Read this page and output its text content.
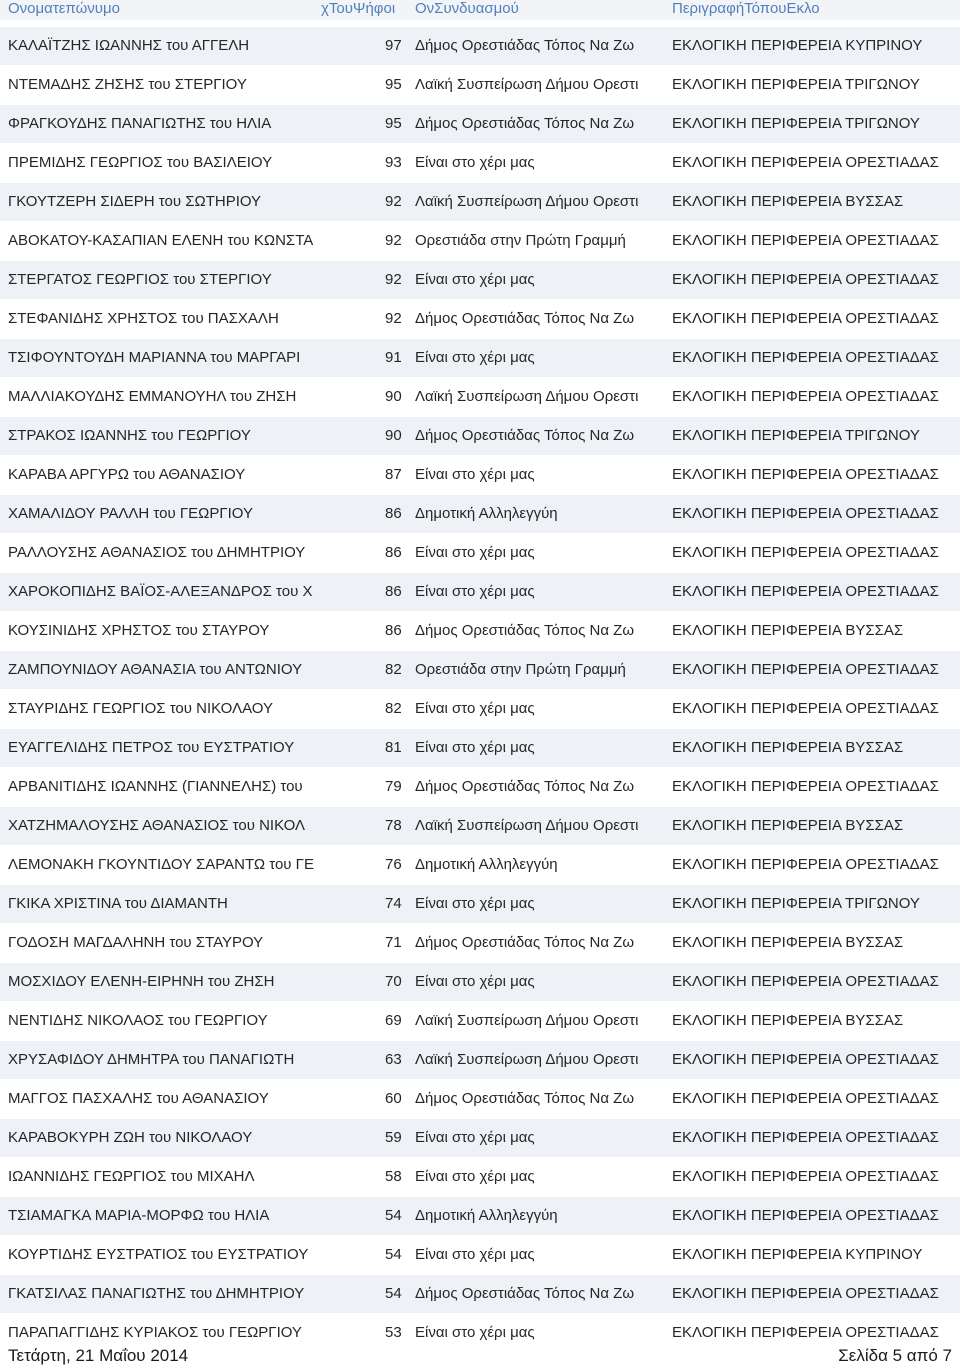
Ονοματεπώνυμο	χΤουΨήφοι ΟνΣυνδυασμού	ΠεριγραφήΤόπουΕκλο
ΚΑΛΑΪΤΖΗΣ ΙΩΑΝΝΗΣ του ΑΓΓΕΛΗ	97 Δήμος Ορεστιάδας Τόπος Να Ζω	ΕΚΛΟΓΙΚΗ ΠΕΡΙΦΕΡΕΙΑ ΚΥΠΡΙΝΟΥ
ΝΤΕΜΑΔΗΣ ΖΗΣΗΣ του ΣΤΕΡΓΙΟΥ	95 Λαϊκή Συσπείρωση Δήμου Ορεστι	ΕΚΛΟΓΙΚΗ ΠΕΡΙΦΕΡΕΙΑ ΤΡΙΓΩΝΟΥ
ΦΡΑΓΚΟΥΔΗΣ ΠΑΝΑΓΙΩΤΗΣ του ΗΛΙΑ	95 Δήμος Ορεστιάδας Τόπος Να Ζω	ΕΚΛΟΓΙΚΗ ΠΕΡΙΦΕΡΕΙΑ ΤΡΙΓΩΝΟΥ
ΠΡΕΜΙΔΗΣ ΓΕΩΡΓΙΟΣ του ΒΑΣΙΛΕΙΟΥ	93 Είναι στο χέρι μας	ΕΚΛΟΓΙΚΗ ΠΕΡΙΦΕΡΕΙΑ ΟΡΕΣΤΙΑΔΑΣ
ΓΚΟΥΤΖΕΡΗ ΣΙΔΕΡΗ του ΣΩΤΗΡΙΟΥ	92 Λαϊκή Συσπείρωση Δήμου Ορεστι	ΕΚΛΟΓΙΚΗ ΠΕΡΙΦΕΡΕΙΑ ΒΥΣΣΑΣ
ΑΒΟΚΑΤΟΥ-ΚΑΣΑΠΙΑΝ ΕΛΕΝΗ του ΚΩΝΣΤΑ	92 Ορεστιάδα στην Πρώτη Γραμμή	ΕΚΛΟΓΙΚΗ ΠΕΡΙΦΕΡΕΙΑ ΟΡΕΣΤΙΑΔΑΣ
ΣΤΕΡΓΑΤΟΣ ΓΕΩΡΓΙΟΣ του ΣΤΕΡΓΙΟΥ	92 Είναι στο χέρι μας	ΕΚΛΟΓΙΚΗ ΠΕΡΙΦΕΡΕΙΑ ΟΡΕΣΤΙΑΔΑΣ
ΣΤΕΦΑΝΙΔΗΣ ΧΡΗΣΤΟΣ του ΠΑΣΧΑΛΗ	92 Δήμος Ορεστιάδας Τόπος Να Ζω	ΕΚΛΟΓΙΚΗ ΠΕΡΙΦΕΡΕΙΑ ΟΡΕΣΤΙΑΔΑΣ
ΤΣΙΦΟΥΝΤΟΥΔΗ ΜΑΡΙΑΝΝΑ του ΜΑΡΓΑΡΙ	91 Είναι στο χέρι μας	ΕΚΛΟΓΙΚΗ ΠΕΡΙΦΕΡΕΙΑ ΟΡΕΣΤΙΑΔΑΣ
ΜΑΛΛΙΑΚΟΥΔΗΣ ΕΜΜΑΝΟΥΗΛ του ΖΗΣΗ	90 Λαϊκή Συσπείρωση Δήμου Ορεστι	ΕΚΛΟΓΙΚΗ ΠΕΡΙΦΕΡΕΙΑ ΟΡΕΣΤΙΑΔΑΣ
ΣΤΡΑΚΟΣ ΙΩΑΝΝΗΣ του ΓΕΩΡΓΙΟΥ	90 Δήμος Ορεστιάδας Τόπος Να Ζω	ΕΚΛΟΓΙΚΗ ΠΕΡΙΦΕΡΕΙΑ ΤΡΙΓΩΝΟΥ
ΚΑΡΑΒΑ ΑΡΓΥΡΩ του ΑΘΑΝΑΣΙΟΥ	87 Είναι στο χέρι μας	ΕΚΛΟΓΙΚΗ ΠΕΡΙΦΕΡΕΙΑ ΟΡΕΣΤΙΑΔΑΣ
ΧΑΜΑΛΙΔΟΥ ΡΑΛΛΗ του ΓΕΩΡΓΙΟΥ	86 Δημοτική Αλληλεγγύη	ΕΚΛΟΓΙΚΗ ΠΕΡΙΦΕΡΕΙΑ ΟΡΕΣΤΙΑΔΑΣ
ΡΑΛΛΟΥΣΗΣ ΑΘΑΝΑΣΙΟΣ του ΔΗΜΗΤΡΙΟΥ	86 Είναι στο χέρι μας	ΕΚΛΟΓΙΚΗ ΠΕΡΙΦΕΡΕΙΑ ΟΡΕΣΤΙΑΔΑΣ
ΧΑΡΟΚΟΠΙΔΗΣ ΒΑΪΟΣ-ΑΛΕΞΑΝΔΡΟΣ του Χ	86 Είναι στο χέρι μας	ΕΚΛΟΓΙΚΗ ΠΕΡΙΦΕΡΕΙΑ ΟΡΕΣΤΙΑΔΑΣ
ΚΟΥΣΙΝΙΔΗΣ ΧΡΗΣΤΟΣ του ΣΤΑΥΡΟΥ	86 Δήμος Ορεστιάδας Τόπος Να Ζω	ΕΚΛΟΓΙΚΗ ΠΕΡΙΦΕΡΕΙΑ ΒΥΣΣΑΣ
ΖΑΜΠΟΥΝΙΔΟΥ ΑΘΑΝΑΣΙΑ του ΑΝΤΩΝΙΟΥ	82 Ορεστιάδα στην Πρώτη Γραμμή	ΕΚΛΟΓΙΚΗ ΠΕΡΙΦΕΡΕΙΑ ΟΡΕΣΤΙΑΔΑΣ
ΣΤΑΥΡΙΔΗΣ ΓΕΩΡΓΙΟΣ του ΝΙΚΟΛΑΟΥ	82 Είναι στο χέρι μας	ΕΚΛΟΓΙΚΗ ΠΕΡΙΦΕΡΕΙΑ ΟΡΕΣΤΙΑΔΑΣ
ΕΥΑΓΓΕΛΙΔΗΣ ΠΕΤΡΟΣ του ΕΥΣΤΡΑΤΙΟΥ	81 Είναι στο χέρι μας	ΕΚΛΟΓΙΚΗ ΠΕΡΙΦΕΡΕΙΑ ΒΥΣΣΑΣ
ΑΡΒΑΝΙΤΙΔΗΣ ΙΩΑΝΝΗΣ (ΓΙΑΝΝΕΛΗΣ) του	79 Δήμος Ορεστιάδας Τόπος Να Ζω	ΕΚΛΟΓΙΚΗ ΠΕΡΙΦΕΡΕΙΑ ΟΡΕΣΤΙΑΔΑΣ
ΧΑΤΖΗΜΑΛΟΥΣΗΣ ΑΘΑΝΑΣΙΟΣ του ΝΙΚΟΛ	78 Λαϊκή Συσπείρωση Δήμου Ορεστι	ΕΚΛΟΓΙΚΗ ΠΕΡΙΦΕΡΕΙΑ ΒΥΣΣΑΣ
ΛΕΜΟΝΑΚΗ ΓΚΟΥΝΤΙΔΟΥ ΣΑΡΑΝΤΩ του ΓΕ	76 Δημοτική Αλληλεγγύη	ΕΚΛΟΓΙΚΗ ΠΕΡΙΦΕΡΕΙΑ ΟΡΕΣΤΙΑΔΑΣ
ΓΚΙΚΑ ΧΡΙΣΤΙΝΑ του ΔΙΑΜΑΝΤΗ	74 Είναι στο χέρι μας	ΕΚΛΟΓΙΚΗ ΠΕΡΙΦΕΡΕΙΑ ΤΡΙΓΩΝΟΥ
ΓΟΔΟΣΗ ΜΑΓΔΑΛΗΝΗ του ΣΤΑΥΡΟΥ	71 Δήμος Ορεστιάδας Τόπος Να Ζω	ΕΚΛΟΓΙΚΗ ΠΕΡΙΦΕΡΕΙΑ ΒΥΣΣΑΣ
ΜΟΣΧΙΔΟΥ ΕΛΕΝΗ-ΕΙΡΗΝΗ του ΖΗΣΗ	70 Είναι στο χέρι μας	ΕΚΛΟΓΙΚΗ ΠΕΡΙΦΕΡΕΙΑ ΟΡΕΣΤΙΑΔΑΣ
ΝΕΝΤΙΔΗΣ ΝΙΚΟΛΑΟΣ του ΓΕΩΡΓΙΟΥ	69 Λαϊκή Συσπείρωση Δήμου Ορεστι	ΕΚΛΟΓΙΚΗ ΠΕΡΙΦΕΡΕΙΑ ΒΥΣΣΑΣ
ΧΡΥΣΑΦΙΔΟΥ ΔΗΜΗΤΡΑ του ΠΑΝΑΓΙΩΤΗ	63 Λαϊκή Συσπείρωση Δήμου Ορεστι	ΕΚΛΟΓΙΚΗ ΠΕΡΙΦΕΡΕΙΑ ΟΡΕΣΤΙΑΔΑΣ
ΜΑΓΓΟΣ ΠΑΣΧΑΛΗΣ του ΑΘΑΝΑΣΙΟΥ	60 Δήμος Ορεστιάδας Τόπος Να Ζω	ΕΚΛΟΓΙΚΗ ΠΕΡΙΦΕΡΕΙΑ ΟΡΕΣΤΙΑΔΑΣ
ΚΑΡΑΒΟΚΥΡΗ ΖΩΗ του ΝΙΚΟΛΑΟΥ	59 Είναι στο χέρι μας	ΕΚΛΟΓΙΚΗ ΠΕΡΙΦΕΡΕΙΑ ΟΡΕΣΤΙΑΔΑΣ
ΙΩΑΝΝΙΔΗΣ ΓΕΩΡΓΙΟΣ του ΜΙΧΑΗΛ	58 Είναι στο χέρι μας	ΕΚΛΟΓΙΚΗ ΠΕΡΙΦΕΡΕΙΑ ΟΡΕΣΤΙΑΔΑΣ
ΤΣΙΑΜΑΓΚΑ ΜΑΡΙΑ-ΜΟΡΦΩ του ΗΛΙΑ	54 Δημοτική Αλληλεγγύη	ΕΚΛΟΓΙΚΗ ΠΕΡΙΦΕΡΕΙΑ ΟΡΕΣΤΙΑΔΑΣ
ΚΟΥΡΤΙΔΗΣ ΕΥΣΤΡΑΤΙΟΣ του ΕΥΣΤΡΑΤΙΟΥ	54 Είναι στο χέρι μας	ΕΚΛΟΓΙΚΗ ΠΕΡΙΦΕΡΕΙΑ ΚΥΠΡΙΝΟΥ
ΓΚΑΤΣΙΛΑΣ ΠΑΝΑΓΙΩΤΗΣ του ΔΗΜΗΤΡΙΟΥ	54 Δήμος Ορεστιάδας Τόπος Να Ζω	ΕΚΛΟΓΙΚΗ ΠΕΡΙΦΕΡΕΙΑ ΟΡΕΣΤΙΑΔΑΣ
ΠΑΡΑΠΑΓΓΙΔΗΣ ΚΥΡΙΑΚΟΣ του ΓΕΩΡΓΙΟΥ	53 Είναι στο χέρι μας	ΕΚΛΟΓΙΚΗ ΠΕΡΙΦΕΡΕΙΑ ΟΡΕΣΤΙΑΔΑΣ
Τετάρτη, 21 Μαΐου 2014	Σελίδα 5 από 7
